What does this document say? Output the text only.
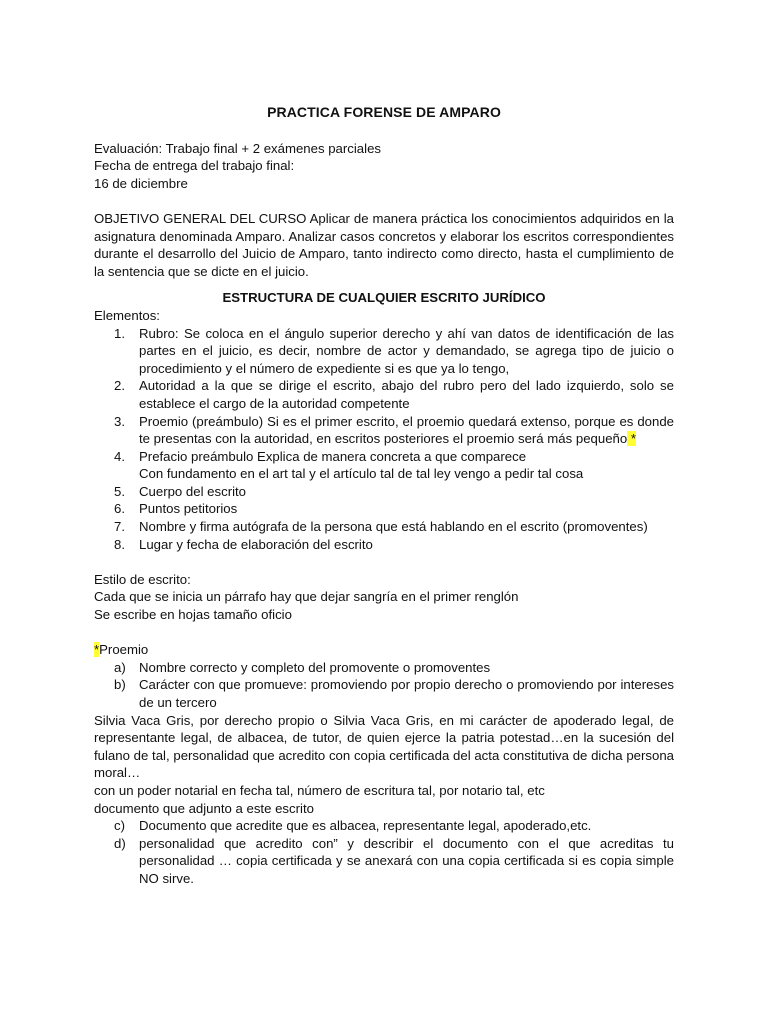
PRACTICA FORENSE DE AMPARO

Evaluación: Trabajo final + 2 exámenes parciales

Fecha de entrega del trabajo final:

16 de diciembre

OBJETIVO GENERAL DEL CURSO Aplicar de manera práctica los conocimientos adquiridos en la asignatura denominada Amparo. Analizar casos concretos y elaborar los escritos correspondientes durante el desarrollo del Juicio de Amparo, tanto indirecto como directo, hasta el cumplimiento de la sentencia que se dicte en el juicio.

ESTRUCTURA DE CUALQUIER ESCRITO JURÍDICO

Elementos:

1. Rubro: Se coloca en el ángulo superior derecho y ahí van datos de identificación de las partes en el juicio, es decir, nombre de actor y demandado, se agrega tipo de juicio o procedimiento y el número de expediente si es que ya lo tengo,
2. Autoridad a la que se dirige el escrito, abajo del rubro pero del lado izquierdo, solo se establece el cargo de la autoridad competente
3. Proemio (preámbulo) Si es el primer escrito, el proemio quedará extenso, porque es donde te presentas con la autoridad, en escritos posteriores el proemio será más pequeño *
4. Prefacio preámbulo Explica de manera concreta a que comparece
Con fundamento en el art tal y el artículo tal de tal ley vengo a pedir tal cosa
5. Cuerpo del escrito
6. Puntos petitorios
7. Nombre y firma autógrafa de la persona que está hablando en el escrito (promoventes)
8. Lugar y fecha de elaboración del escrito

Estilo de escrito:

Cada que se inicia un párrafo hay que dejar sangría en el primer renglón

Se escribe en hojas tamaño oficio

*Proemio

a) Nombre correcto y completo del promovente o promoventes
b) Carácter con que promueve: promoviendo por propio derecho o promoviendo por intereses de un tercero

Silvia Vaca Gris, por derecho propio o Silvia Vaca Gris, en mi carácter de apoderado legal, de representante legal, de albacea, de tutor, de quien ejerce la patria potestad…en la sucesión del fulano de tal, personalidad que acredito con copia certificada del acta constitutiva de dicha persona moral…

con un poder notarial en fecha tal, número de escritura tal, por notario tal, etc

documento que adjunto a este escrito

c) Documento que acredite que es albacea, representante legal, apoderado,etc.
d) personalidad que acredito con” y describir el documento con el que acreditas tu personalidad … copia certificada y se anexará con una copia certificada si es copia simple NO sirve.
